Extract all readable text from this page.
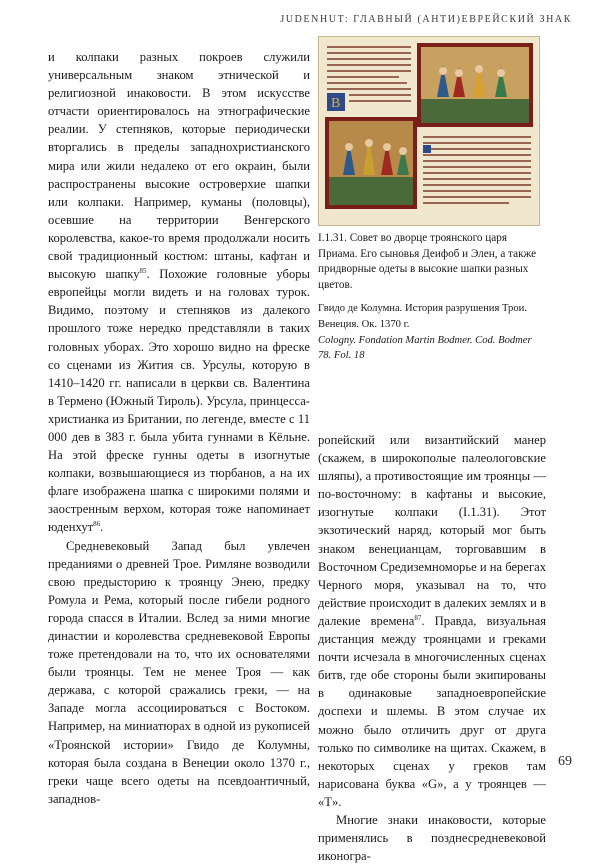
JUDENHUT: ГЛАВНЫЙ (АНТИ)ЕВРЕЙСКИЙ ЗНАК

и колпаки разных покроев служили универсальным знаком этнической и религиозной инаковости. В этом искусстве отчасти ориентировалось на этнографические реалии. У степняков, которые периодически вторгались в пределы западнохристианского мира или жили недалеко от его окраин, были распространены высокие островерхие шапки или колпаки. Например, куманы (половцы), осевшие на территории Венгерского королевства, какое-то время продолжали носить свой традиционный костюм: штаны, кафтан и высокую шапку$^{85}$. Похожие головные уборы европейцы могли видеть и на головах турок. Видимо, поэтому и степняков из далекого прошлого тоже нередко представляли в таких головных уборах. Это хорошо видно на фреске со сценами из Жития св. Урсулы, которую в 1410–1420 гг. написали в церкви св. Валентина в Термено (Южный Тироль). Урсула, принцесса-христианка из Британии, по легенде, вместе с 11 000 дев в 383 г. была убита гуннами в Кёльне. На этой фреске гунны одеты в изогнутые колпаки, возвышающиеся из тюрбанов, а на их флаге изображена шапка с широкими полями и заостренным верхом, которая тоже напоминает юденхут$^{86}$.

Средневековый Запад был увлечен преданиями о древней Трое. Римляне возводили свою предысторию к троянцу Энею, предку Ромула и Рема, который после гибели родного города спасся в Италии. Вслед за ними многие династии и королевства средневековой Европы тоже претендовали на то, что их основателями были троянцы. Тем не менее Троя — как держава, с которой сражались греки, — на Западе могла ассоциироваться с Востоком. Например, на миниатюрах в одной из рукописей «Троянской истории» Гвидо де Колумны, которая была создана в Венеции около 1370 г., греки чаще всего одеты на псевдоантичный, западнов-

B

I.1.31. Совет во дворце троянского царя Приама. Его сыновья Деифоб и Элен, а также придворные одеты в высокие шапки разных цветов.

Гвидо де Колумна. История разрушения Трои. Венеция. Ок. 1370 г.
Cologny. Fondation Martin Bodmer. Cod. Bodmer 78. Fol. 18

ропейский или византийский манер (скажем, в широкополые палеологовские шляпы), а противостоящие им троянцы — по-восточному: в кафтаны и высокие, изогнутые колпаки (I.1.31). Этот экзотический наряд, который мог быть знаком венецианцам, торговавшим в Восточном Средиземноморье и на берегах Черного моря, указывал на то, что действие происходит в далеких землях и в далекие времена$^{87}$. Правда, визуальная дистанция между троянцами и греками почти исчезала в многочисленных сценах битв, где обе стороны были экипированы в одинаковые западноевропейские доспехи и шлемы. В этом случае их можно было отличить друг от друга только по символике на щитах. Скажем, в некоторых сценах у греков там нарисована буква «G», а у троянцев — «T».

Многие знаки инаковости, которые применялись в позднесредневековой иконогра-

69
